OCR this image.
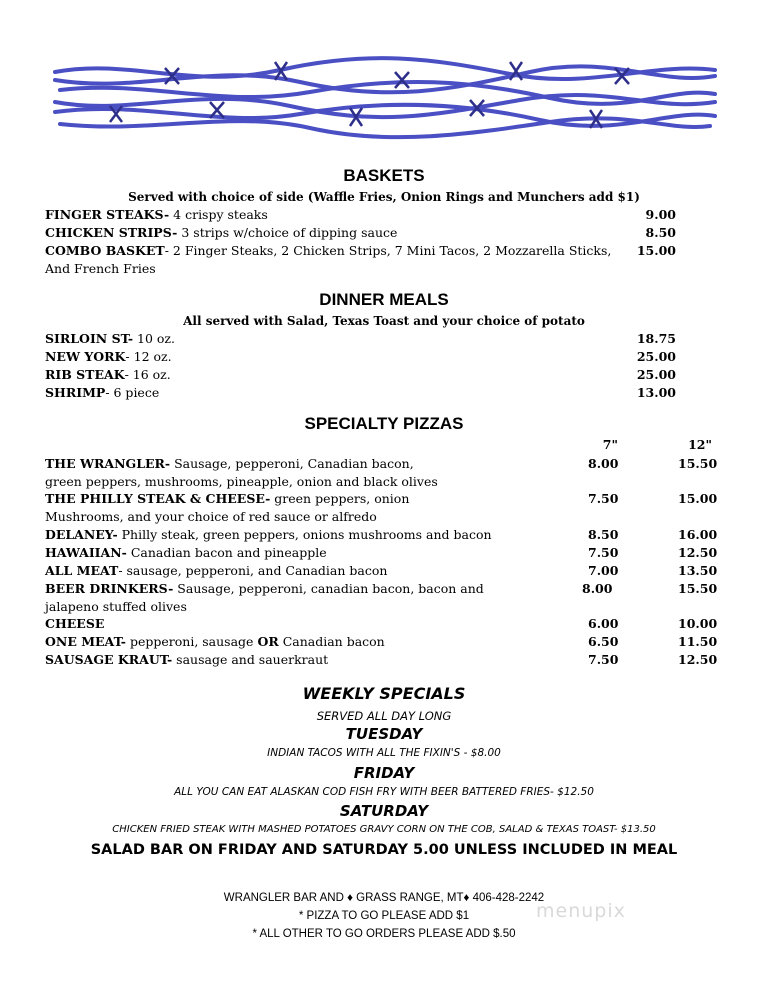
BASKETS
Served with choice of side (Waffle Fries, Onion Rings and Munchers add $1)
FINGER STEAKS- 4 crispy steaks	9.00
CHICKEN STRIPS- 3 strips w/choice of dipping sauce	8.50
COMBO BASKET- 2 Finger Steaks, 2 Chicken Strips, 7 Mini Tacos, 2 Mozzarella Sticks, 15.00
And French Fries
DINNER MEALS
All served with Salad, Texas Toast and your choice of potato
SIRLOIN ST- 10 oz.	18.75
NEW YORK- 12 oz.	25.00
RIB STEAK- 16 oz.	25.00
SHRIMP- 6 piece	13.00
SPECIALTY PIZZAS
7"	12"
THE WRANGLER- Sausage, pepperoni, Canadian bacon,	8.00	15.50
green peppers, mushrooms, pineapple, onion and black olives
THE PHILLY STEAK & CHEESE- green peppers, onion	7.50	15.00
Mushrooms, and your choice of red sauce or alfredo
DELANEY- Philly steak, green peppers, onions mushrooms and bacon	8.50	16.00
HAWAIIAN- Canadian bacon and pineapple	7.50	12.50
ALL MEAT- sausage, pepperoni, and Canadian bacon	7.00	13.50
BEER DRINKERS- Sausage, pepperoni, canadian bacon, bacon and	8.00	15.50
jalapeno stuffed olives
CHEESE	6.00	10.00
ONE MEAT- pepperoni, sausage OR Canadian bacon	6.50	11.50
SAUSAGE KRAUT- sausage and sauerkraut	7.50	12.50
WEEKLY SPECIALS
SERVED ALL DAY LONG
TUESDAY
INDIAN TACOS WITH ALL THE FIXIN'S - $8.00
FRIDAY
ALL YOU CAN EAT ALASKAN COD FISH FRY WITH BEER BATTERED FRIES- $12.50
SATURDAY
CHICKEN FRIED STEAK WITH MASHED POTATOES GRAVY CORN ON THE COB, SALAD & TEXAS TOAST- $13.50
SALAD BAR ON FRIDAY AND SATURDAY 5.00 UNLESS INCLUDED IN MEAL
WRANGLER BAR AND ♦ GRASS RANGE, MT♦ 406-428-2242
* PIZZA TO GO PLEASE ADD $1
* ALL OTHER TO GO ORDERS PLEASE ADD $.50
menupix
